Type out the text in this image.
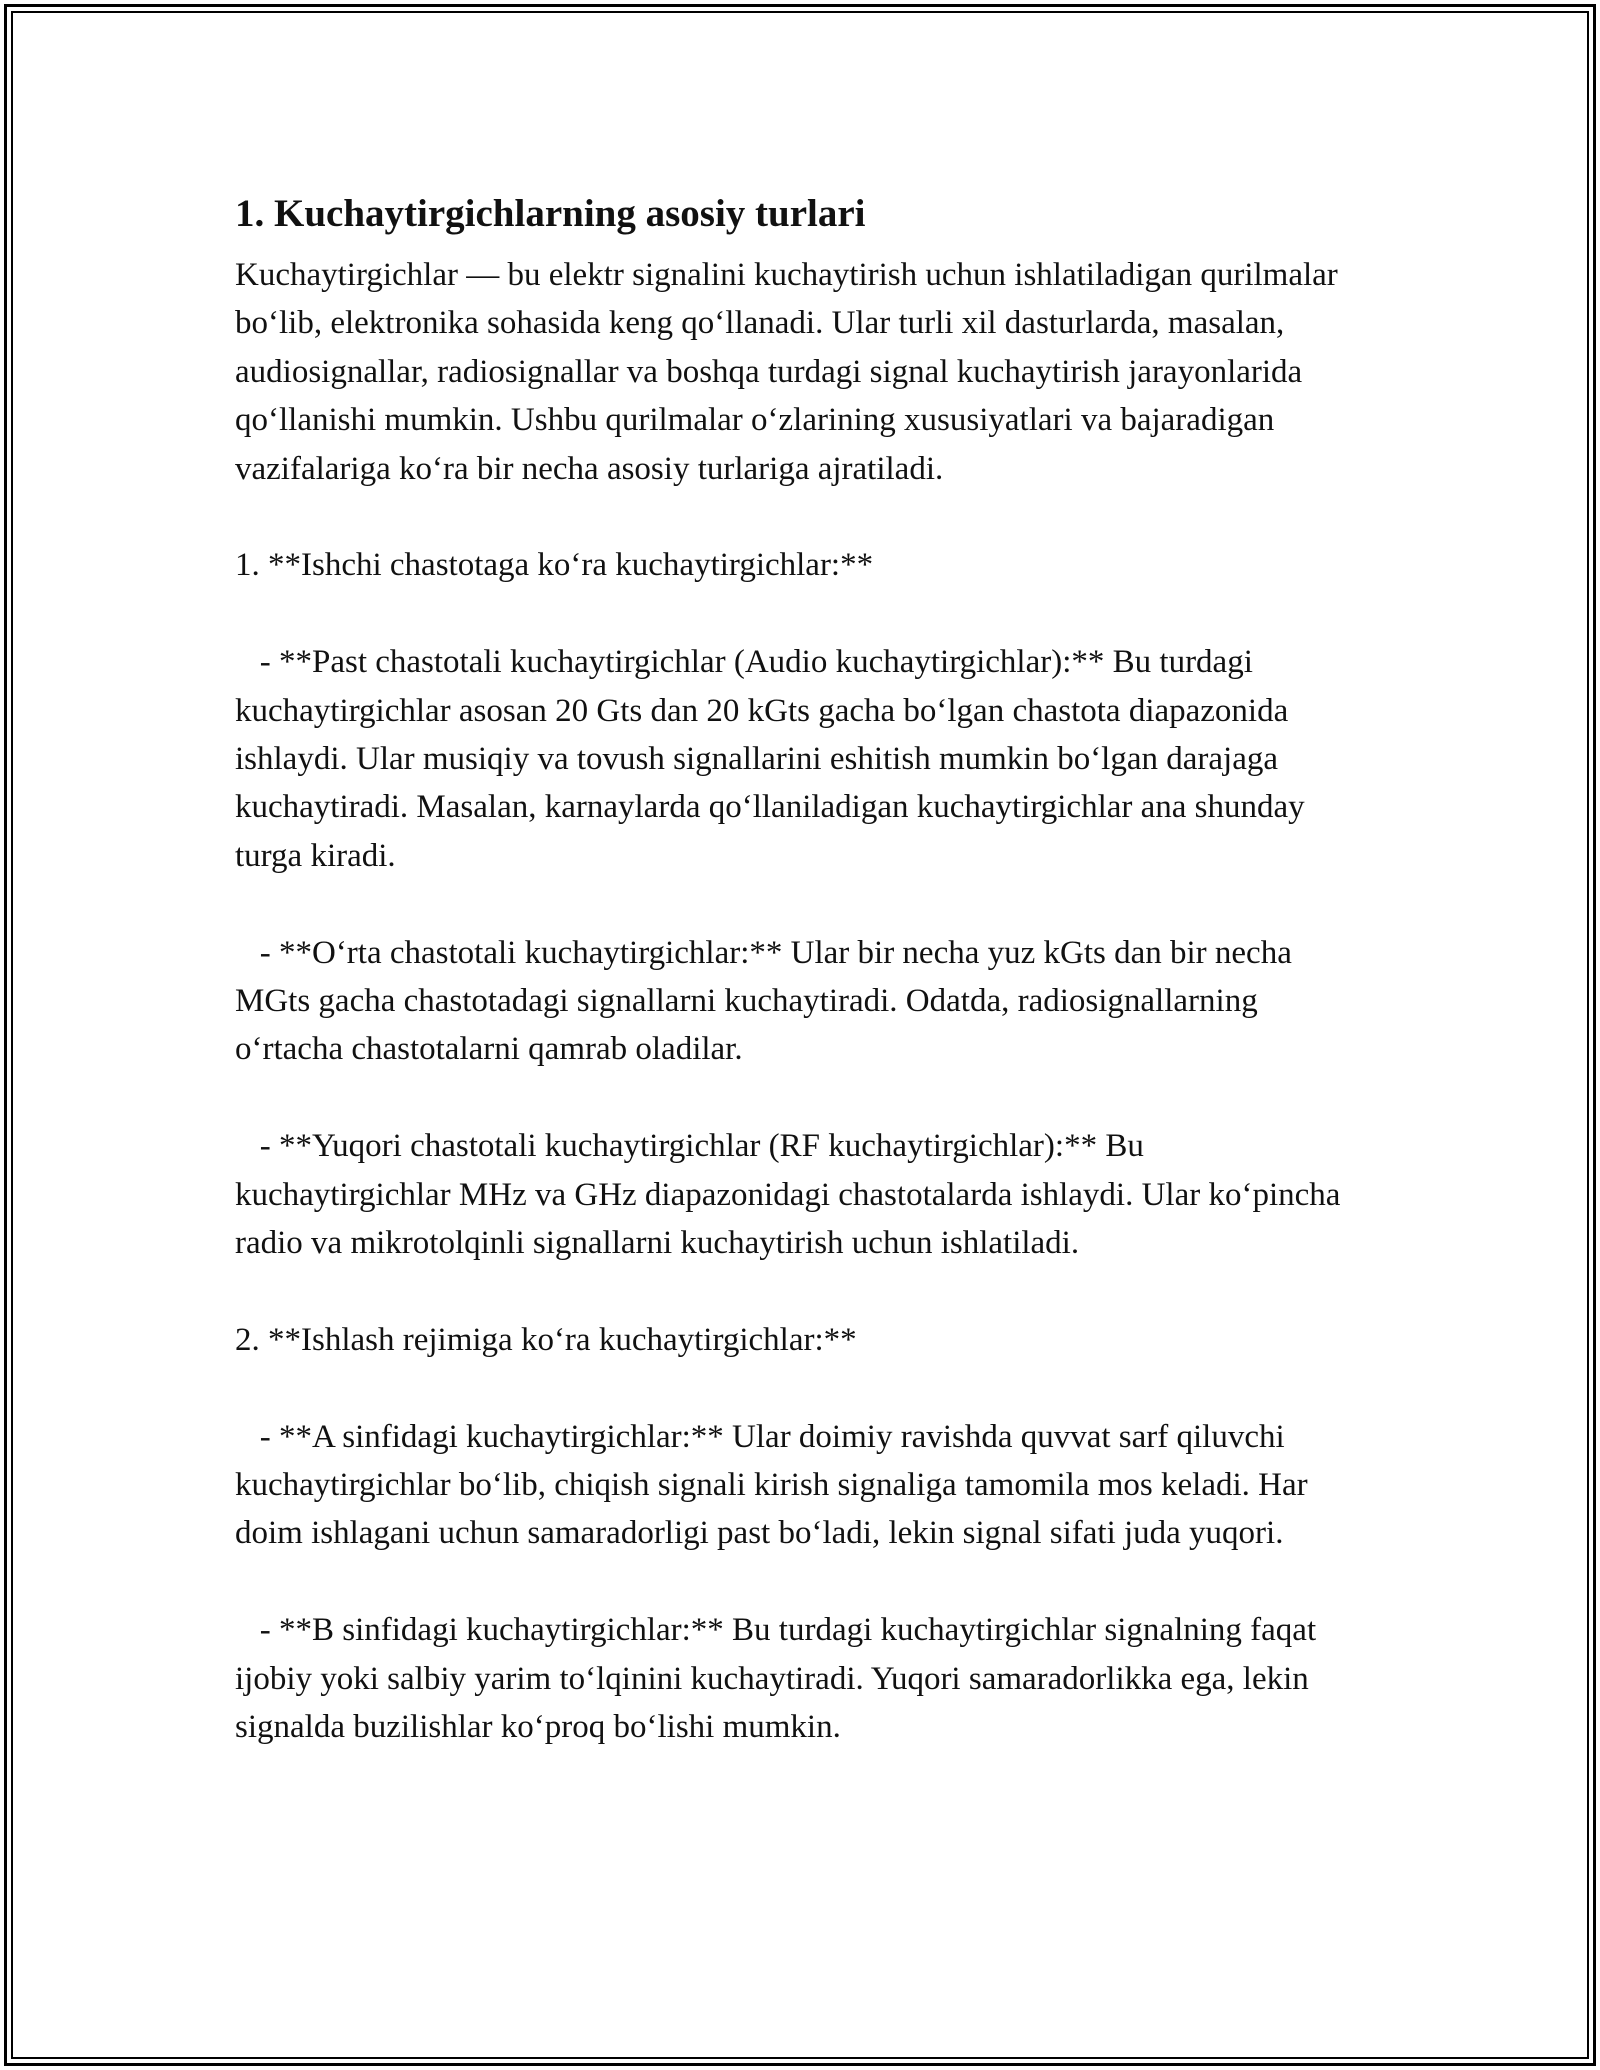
1. Kuchaytirgichlarning asosiy turlari

Kuchaytirgichlar — bu elektr signalini kuchaytirish uchun ishlatiladigan qurilmalar bo‘lib, elektronika sohasida keng qo‘llanadi. Ular turli xil dasturlarda, masalan, audiosignallar, radiosignallar va boshqa turdagi signal kuchaytirish jarayonlarida qo‘llanishi mumkin. Ushbu qurilmalar o‘zlarining xususiyatlari va bajaradigan vazifalariga ko‘ra bir necha asosiy turlariga ajratiladi.

1. **Ishchi chastotaga ko‘ra kuchaytirgichlar:**

- **Past chastotali kuchaytirgichlar (Audio kuchaytirgichlar):** Bu turdagi kuchaytirgichlar asosan 20 Gts dan 20 kGts gacha bo‘lgan chastota diapazonida ishlaydi. Ular musiqiy va tovush signallarini eshitish mumkin bo‘lgan darajaga kuchaytiradi. Masalan, karnaylarda qo‘llaniladigan kuchaytirgichlar ana shunday turga kiradi.

- **O‘rta chastotali kuchaytirgichlar:** Ular bir necha yuz kGts dan bir necha MGts gacha chastotadagi signallarni kuchaytiradi. Odatda, radiosignallarning o‘rtacha chastotalarni qamrab oladilar.

- **Yuqori chastotali kuchaytirgichlar (RF kuchaytirgichlar):** Bu kuchaytirgichlar MHz va GHz diapazonidagi chastotalarda ishlaydi. Ular ko‘pincha radio va mikrotolqinli signallarni kuchaytirish uchun ishlatiladi.

2. **Ishlash rejimiga ko‘ra kuchaytirgichlar:**

- **A sinfidagi kuchaytirgichlar:** Ular doimiy ravishda quvvat sarf qiluvchi kuchaytirgichlar bo‘lib, chiqish signali kirish signaliga tamomila mos keladi. Har doim ishlagani uchun samaradorligi past bo‘ladi, lekin signal sifati juda yuqori.

- **B sinfidagi kuchaytirgichlar:** Bu turdagi kuchaytirgichlar signalning faqat ijobiy yoki salbiy yarim to‘lqinini kuchaytiradi. Yuqori samaradorlikka ega, lekin signalda buzilishlar ko‘proq bo‘lishi mumkin.
